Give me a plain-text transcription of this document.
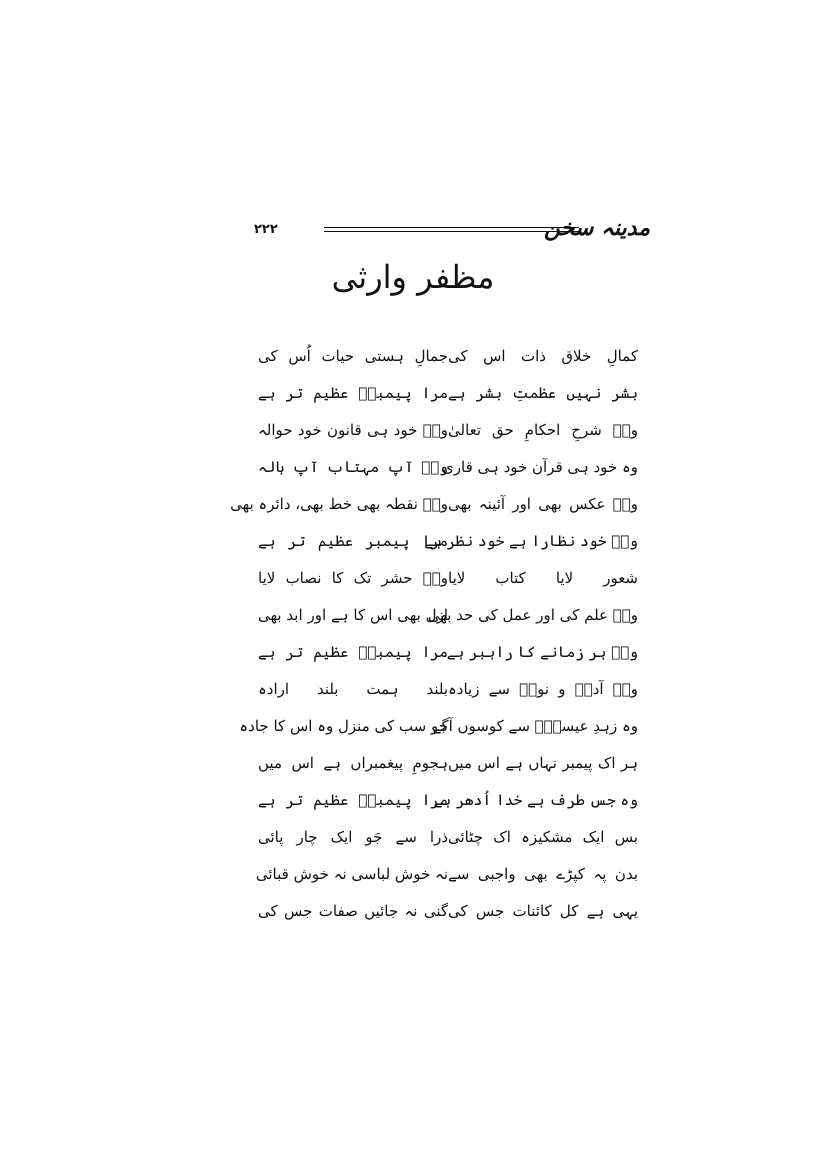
مدینہ سخن
۲۲۲
مظفر وارثی
کمالِ خلاق ذات اس کی
جمالِ ہستی حیات اُس کی
بشر نہیں عظمتِ بشر ہے
مرا پیمبرؐ عظیم تر ہے
وہؐ شرحِ احکامِ حق تعالیٰ
وہؐ خود ہی قانون خود حوالہ
وہ خود ہی قرآن خود ہی قاری
وہؐ آپ مہتاب آپ ہالہ
وہؐ عکس بھی اور آئینہ بھی
وہؐ نقطہ بھی خط بھی، دائرہ بھی
وہؐ خود نظارا ہے خود نظر ہے
مرا پیمبر عظیم تر ہے
شعور لایا کتاب لایا
وہؐ حشر تک کا نصاب لایا
وہؐ علم کی اور عمل کی حد بھی
ازل بھی اس کا ہے اور ابد بھی
وہؐ ہر زمانے کا راہبر ہے
مرا پیمبرؐ عظیم تر ہے
وہؐ آدمؑ و نوحؑ سے زیادہ
بلند ہمت بلند ارادہ
وہ زہدِ عیسیٰؑ سے کوسوں آگے
جو سب کی منزل وہ اس کا جادہ
ہر اک پیمبر نہاں ہے اس میں
ہجومِ پیغمبراں ہے اس میں
وہ جس طرف ہے خدا اُدھر ہے
مرا پیمبرؐ عظیم تر ہے
بس ایک مشکیزہ اک چٹائی
ذرا سے جَو ایک چار پائی
بدن پہ کپڑے بھی واجبی سے
نہ خوش لباسی نہ خوش قبائی
یہی ہے کل کائنات جس کی
گنی نہ جائیں صفات جس کی
